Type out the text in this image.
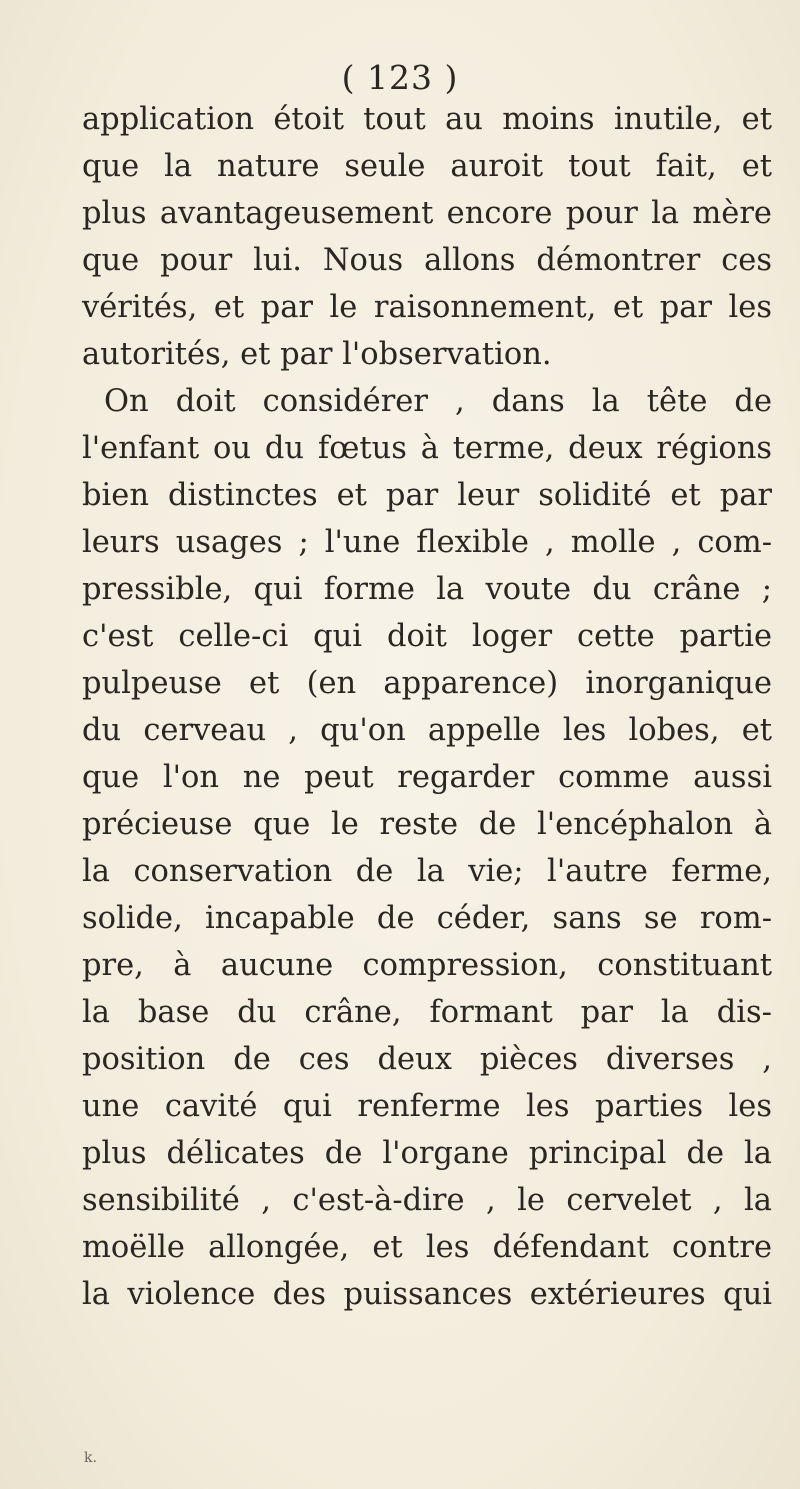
( 123 )
application étoit tout au moins inutile, et
que la nature seule auroit tout fait, et
plus avantageusement encore pour la mère
que pour lui. Nous allons démontrer ces
vérités, et par le raisonnement, et par les
autorités, et par l'observation.
On doit considérer , dans la tête de
l'enfant ou du fœtus à terme, deux régions
bien distinctes et par leur solidité et par
leurs usages ; l'une flexible , molle , com-
pressible, qui forme la voute du crâne ;
c'est celle-ci qui doit loger cette partie
pulpeuse et (en apparence) inorganique
du cerveau , qu'on appelle les lobes, et
que l'on ne peut regarder comme aussi
précieuse que le reste de l'encéphalon à
la conservation de la vie; l'autre ferme,
solide, incapable de céder, sans se rom-
pre, à aucune compression, constituant
la base du crâne, formant par la dis-
position de ces deux pièces diverses ,
une cavité qui renferme les parties les
plus délicates de l'organe principal de la
sensibilité , c'est-à-dire , le cervelet , la
moëlle allongée, et les défendant contre
la violence des puissances extérieures qui
k.
